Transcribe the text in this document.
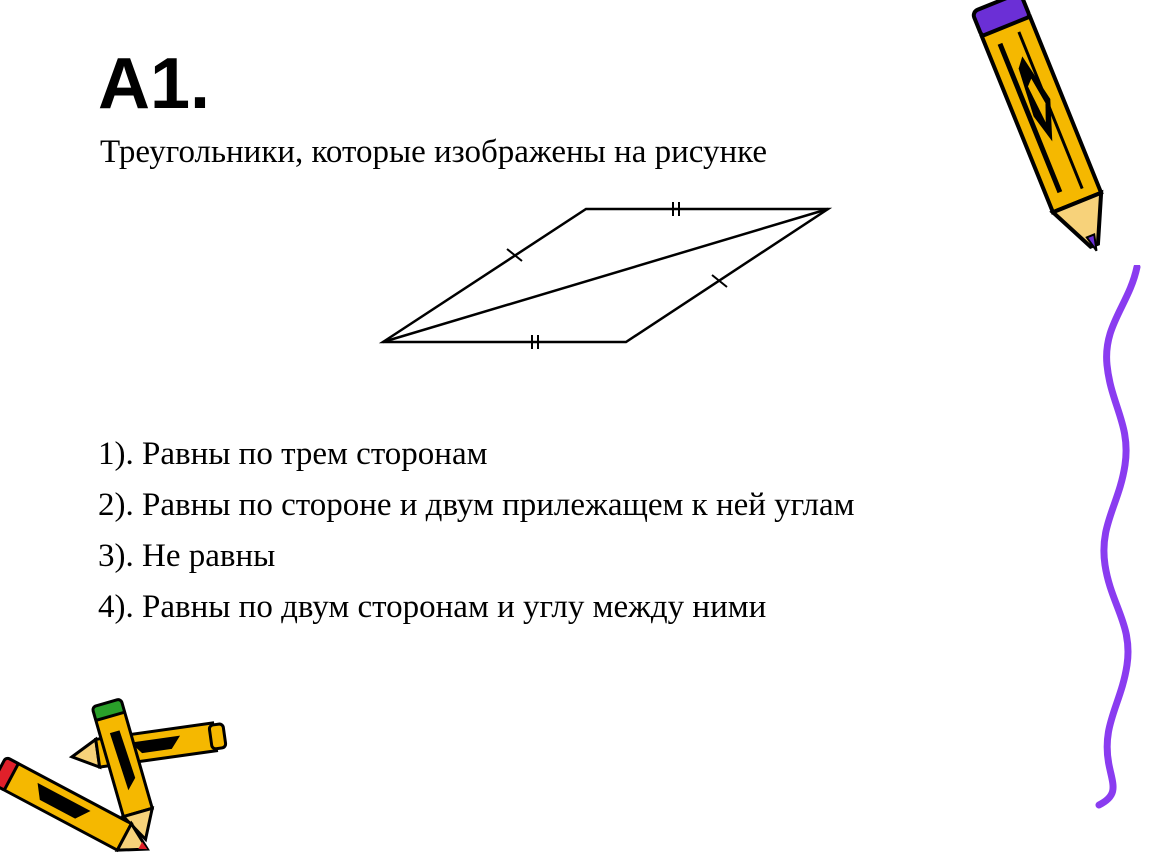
A1.

Треугольники, которые изображены на рисунке

1). Равны по трем сторонам
2). Равны по стороне и двум прилежащем к ней углам
3). Не равны
4). Равны по двум сторонам и углу между ними
